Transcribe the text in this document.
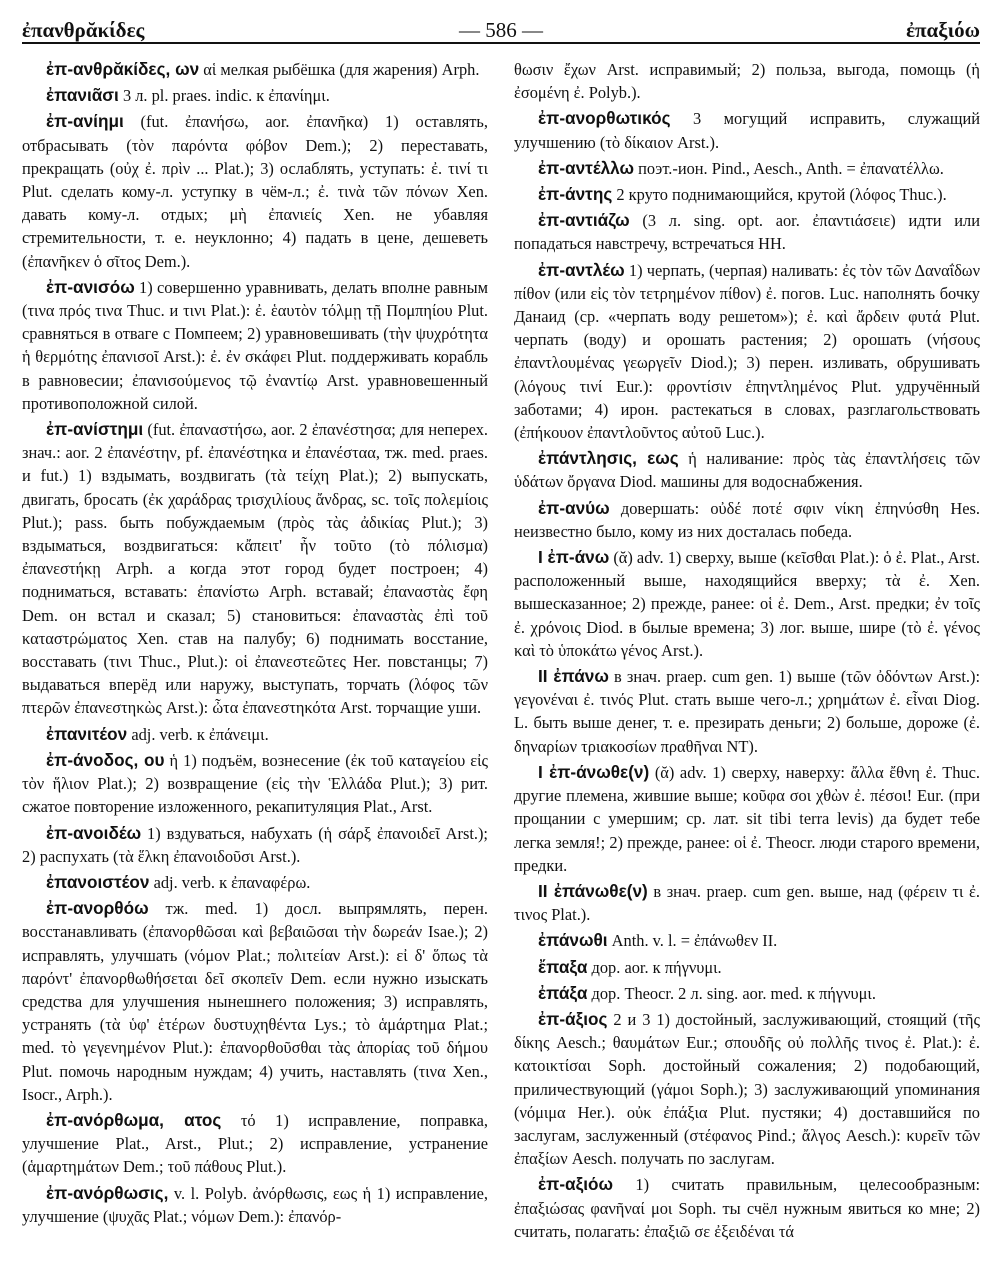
ἐπανθρᾰκίδες	— 586 —	ἐπαξιόω

ἐπ-ανθρᾰκίδες, ων αἱ мелкая рыбёшка (для жарения) Arph.

ἐπανιᾶσι 3 л. pl. praes. indic. к ἐπανίημι.

ἐπ-ανίημι (fut. ἐπανήσω, aor. ἐπανῆκα) 1) оставлять, отбрасывать (τὸν παρόντα φόβον Dem.); 2) переставать, прекращать (οὐχ ἐ. πρὶν ... Plat.); 3) ослаблять, уступать: ἐ. τινί τι Plut. сделать кому-л. уступку в чём-л.; ἐ. τινὰ τῶν πόνων Xen. давать кому-л. отдых; μὴ ἐπανιείς Xen. не убавляя стремительности, т. е. неуклонно; 4) падать в цене, дешеветь (ἐπανῆκεν ὁ σῖτος Dem.).

ἐπ-ανισόω 1) совершенно уравнивать, делать вполне равным (τινα πρός τινα Thuc. и τινι Plat.): ἐ. ἑαυτὸν τόλμῃ τῇ Πομπηίου Plut. сравняться в отваге с Помпеем; 2) уравновешивать (τὴν ψυχρότητα ἡ θερμότης ἐπανισοῖ Arst.): ἐ. ἐν σκάφει Plut. поддерживать корабль в равновесии; ἐπανισούμενος τῷ ἐναντίῳ Arst. уравновешенный противоположной силой.

ἐπ-ανίστημι (fut. ἐπαναστήσω, aor. 2 ἐπανέστησα; для неперех. знач.: aor. 2 ἐπανέστην, pf. ἐπανέστηκα и ἐπανέσταα, тж. med. praes. и fut.) 1) вздымать, воздвигать (τὰ τείχη Plat.); 2) выпускать, двигать, бросать (ἐκ χαράδρας τρισχιλίους ἄνδρας, sc. τοῖς πολεμίοις Plut.); pass. быть побуждаемым (πρὸς τὰς ἀδικίας Plut.); 3) вздыматься, воздвигаться: κἄπειτ' ἦν τοῦτο (τὸ πόλισμα) ἐπανεστήκῃ Arph. а когда этот город будет построен; 4) подниматься, вставать: ἐπανίστω Arph. вставай; ἐπαναστὰς ἔφη Dem. он встал и сказал; 5) становиться: ἐπαναστὰς ἐπὶ τοῦ καταστρώματος Xen. став на палубу; 6) поднимать восстание, восставать (τινι Thuc., Plut.): οἱ ἐπανεστεῶτες Her. повстанцы; 7) выдаваться вперёд или наружу, выступать, торчать (λόφος τῶν πτερῶν ἐπανεστηκὼς Arst.): ὦτα ἐπανεστηκότα Arst. торчащие уши.

ἐπανιτέον adj. verb. к ἐπάνειμι.

ἐπ-άνοδος, ου ἡ 1) подъём, вознесение (ἐκ τοῦ καταγείου εἰς τὸν ἥλιον Plat.); 2) возвращение (εἰς τὴν Ἑλλάδα Plut.); 3) рит. сжатое повторение изложенного, рекапитуляция Plat., Arst.

ἐπ-ανοιδέω 1) вздуваться, набухать (ἡ σάρξ ἐπανοιδεῖ Arst.); 2) распухать (τὰ ἕλκη ἐπανοιδοῦσι Arst.).

ἐπανοιστέον adj. verb. к ἐπαναφέρω.

ἐπ-ανορθόω тж. med. 1) досл. выпрямлять, перен. восстанавливать (ἐπανορθῶσαι καὶ βεβαιῶσαι τὴν δωρεάν Isae.); 2) исправлять, улучшать (νόμον Plat.; πολιτείαν Arst.): εἰ δ' ὅπως τὰ παρόντ' ἐπανορθωθήσεται δεῖ σκοπεῖν Dem. если нужно изыскать средства для улучшения нынешнего положения; 3) исправлять, устранять (τὰ ὑφ' ἑτέρων δυστυχηθέντα Lys.; τὸ ἁμάρτημα Plat.; med. τὸ γεγενημένον Plut.): ἐπανορθοῦσθαι τὰς ἀπορίας τοῦ δήμου Plut. помочь народным нуждам; 4) учить, наставлять (τινα Xen., Isocr., Arph.).

ἐπ-ανόρθωμα, ατος τό 1) исправление, поправка, улучшение Plat., Arst., Plut.; 2) исправление, устранение (ἁμαρτημάτων Dem.; τοῦ πάθους Plut.).

ἐπ-ανόρθωσις, v. l. Polyb. ἀνόρθωσις, εως ἡ 1) исправление, улучшение (ψυχᾶς Plat.; νόμων Dem.): ἐπανόρ-

θωσιν ἔχων Arst. исправимый; 2) польза, выгода, помощь (ἡ ἐσομένη ἐ. Polyb.).

ἐπ-ανορθωτικός 3 могущий исправить, служащий улучшению (τὸ δίκαιον Arst.).

ἐπ-αντέλλω поэт.-ион. Pind., Aesch., Anth. = ἐπανατέλλω.

ἐπ-άντης 2 круто поднимающийся, крутой (λόφος Thuc.).

ἐπ-αντιάζω (3 л. sing. opt. aor. ἐπαντιάσειε) идти или попадаться навстречу, встречаться НН.

ἐπ-αντλέω 1) черпать, (черпая) наливать: ἐς τὸν τῶν Δαναΐδων πίθον (или εἰς τὸν τετρημένον πίθον) ἐ. погов. Luc. наполнять бочку Данаид (ср. «черпать воду решетом»); ἐ. καὶ ἄρδειν φυτά Plut. черпать (воду) и орошать растения; 2) орошать (νήσους ἐπαντλουμένας γεωργεῖν Diod.); 3) перен. изливать, обрушивать (λόγους τινί Eur.): φροντίσιν ἐπηντλημένος Plut. удручённый заботами; 4) ирон. растекаться в словах, разглагольствовать (ἐπήκουον ἐπαντλοῦντος αὐτοῦ Luc.).

ἐπάντλησις, εως ἡ наливание: πρὸς τὰς ἐπαντλήσεις τῶν ὑδάτων ὄργανα Diod. машины для водоснабжения.

ἐπ-ανύω довершать: οὐδέ ποτέ σφιν νίκη ἐπηνύσθη Hes. неизвестно было, кому из них досталась победа.

I ἐπ-άνω (ᾰ) adv. 1) сверху, выше (κεῖσθαι Plat.): ὁ ἐ. Plat., Arst. расположенный выше, находящийся вверху; τὰ ἐ. Xen. вышесказанное; 2) прежде, ранее: οἱ ἐ. Dem., Arst. предки; ἐν τοῖς ἐ. χρόνοις Diod. в былые времена; 3) лог. выше, шире (τὸ ἐ. γένος καὶ τὸ ὑποκάτω γένος Arst.).

II ἐπάνω в знач. praep. cum gen. 1) выше (τῶν ὀδόντων Arst.): γεγονέναι ἐ. τινός Plut. стать выше чего-л.; χρημάτων ἐ. εἶναι Diog. L. быть выше денег, т. е. презирать деньги; 2) больше, дороже (ἐ. δηναρίων τριακοσίων πραθῆναι NT).

I ἐπ-άνωθε(ν) (ᾰ) adv. 1) сверху, наверху: ἄλλα ἔθνη ἐ. Thuc. другие племена, жившие выше; κοῦφα σοι χθὼν ἐ. πέσοι! Eur. (при прощании с умершим; ср. лат. sit tibi terra levis) да будет тебе легка земля!; 2) прежде, ранее: οἱ ἐ. Theocr. люди старого времени, предки.

II ἐπάνωθε(ν) в знач. praep. cum gen. выше, над (φέρειν τι ἐ. τινος Plat.).

ἐπάνωθι Anth. v. l. = ἐπάνωθεν II.

ἔπαξα дор. aor. к πήγνυμι.

ἐπάξα дор. Theocr. 2 л. sing. aor. med. к πήγνυμι.

ἐπ-άξιος 2 и 3 1) достойный, заслуживающий, стоящий (τῆς δίκης Aesch.; θαυμάτων Eur.; σπουδῆς οὐ πολλῆς τινος ἐ. Plat.): ἐ. κατοικτίσαι Soph. достойный сожаления; 2) подобающий, приличествующий (γάμοι Soph.); 3) заслуживающий упоминания (νόμιμα Her.). οὐκ ἐπάξια Plut. пустяки; 4) доставшийся по заслугам, заслуженный (στέφανος Pind.; ἄλγος Aesch.): κυρεῖν τῶν ἐπαξίων Aesch. получать по заслугам.

ἐπ-αξιόω 1) считать правильным, целесообразным: ἐπαξιώσας φανῆναί μοι Soph. ты счёл нужным явиться ко мне; 2) считать, полагать: ἐπαξιῶ σε ἐξειδέναι τά
